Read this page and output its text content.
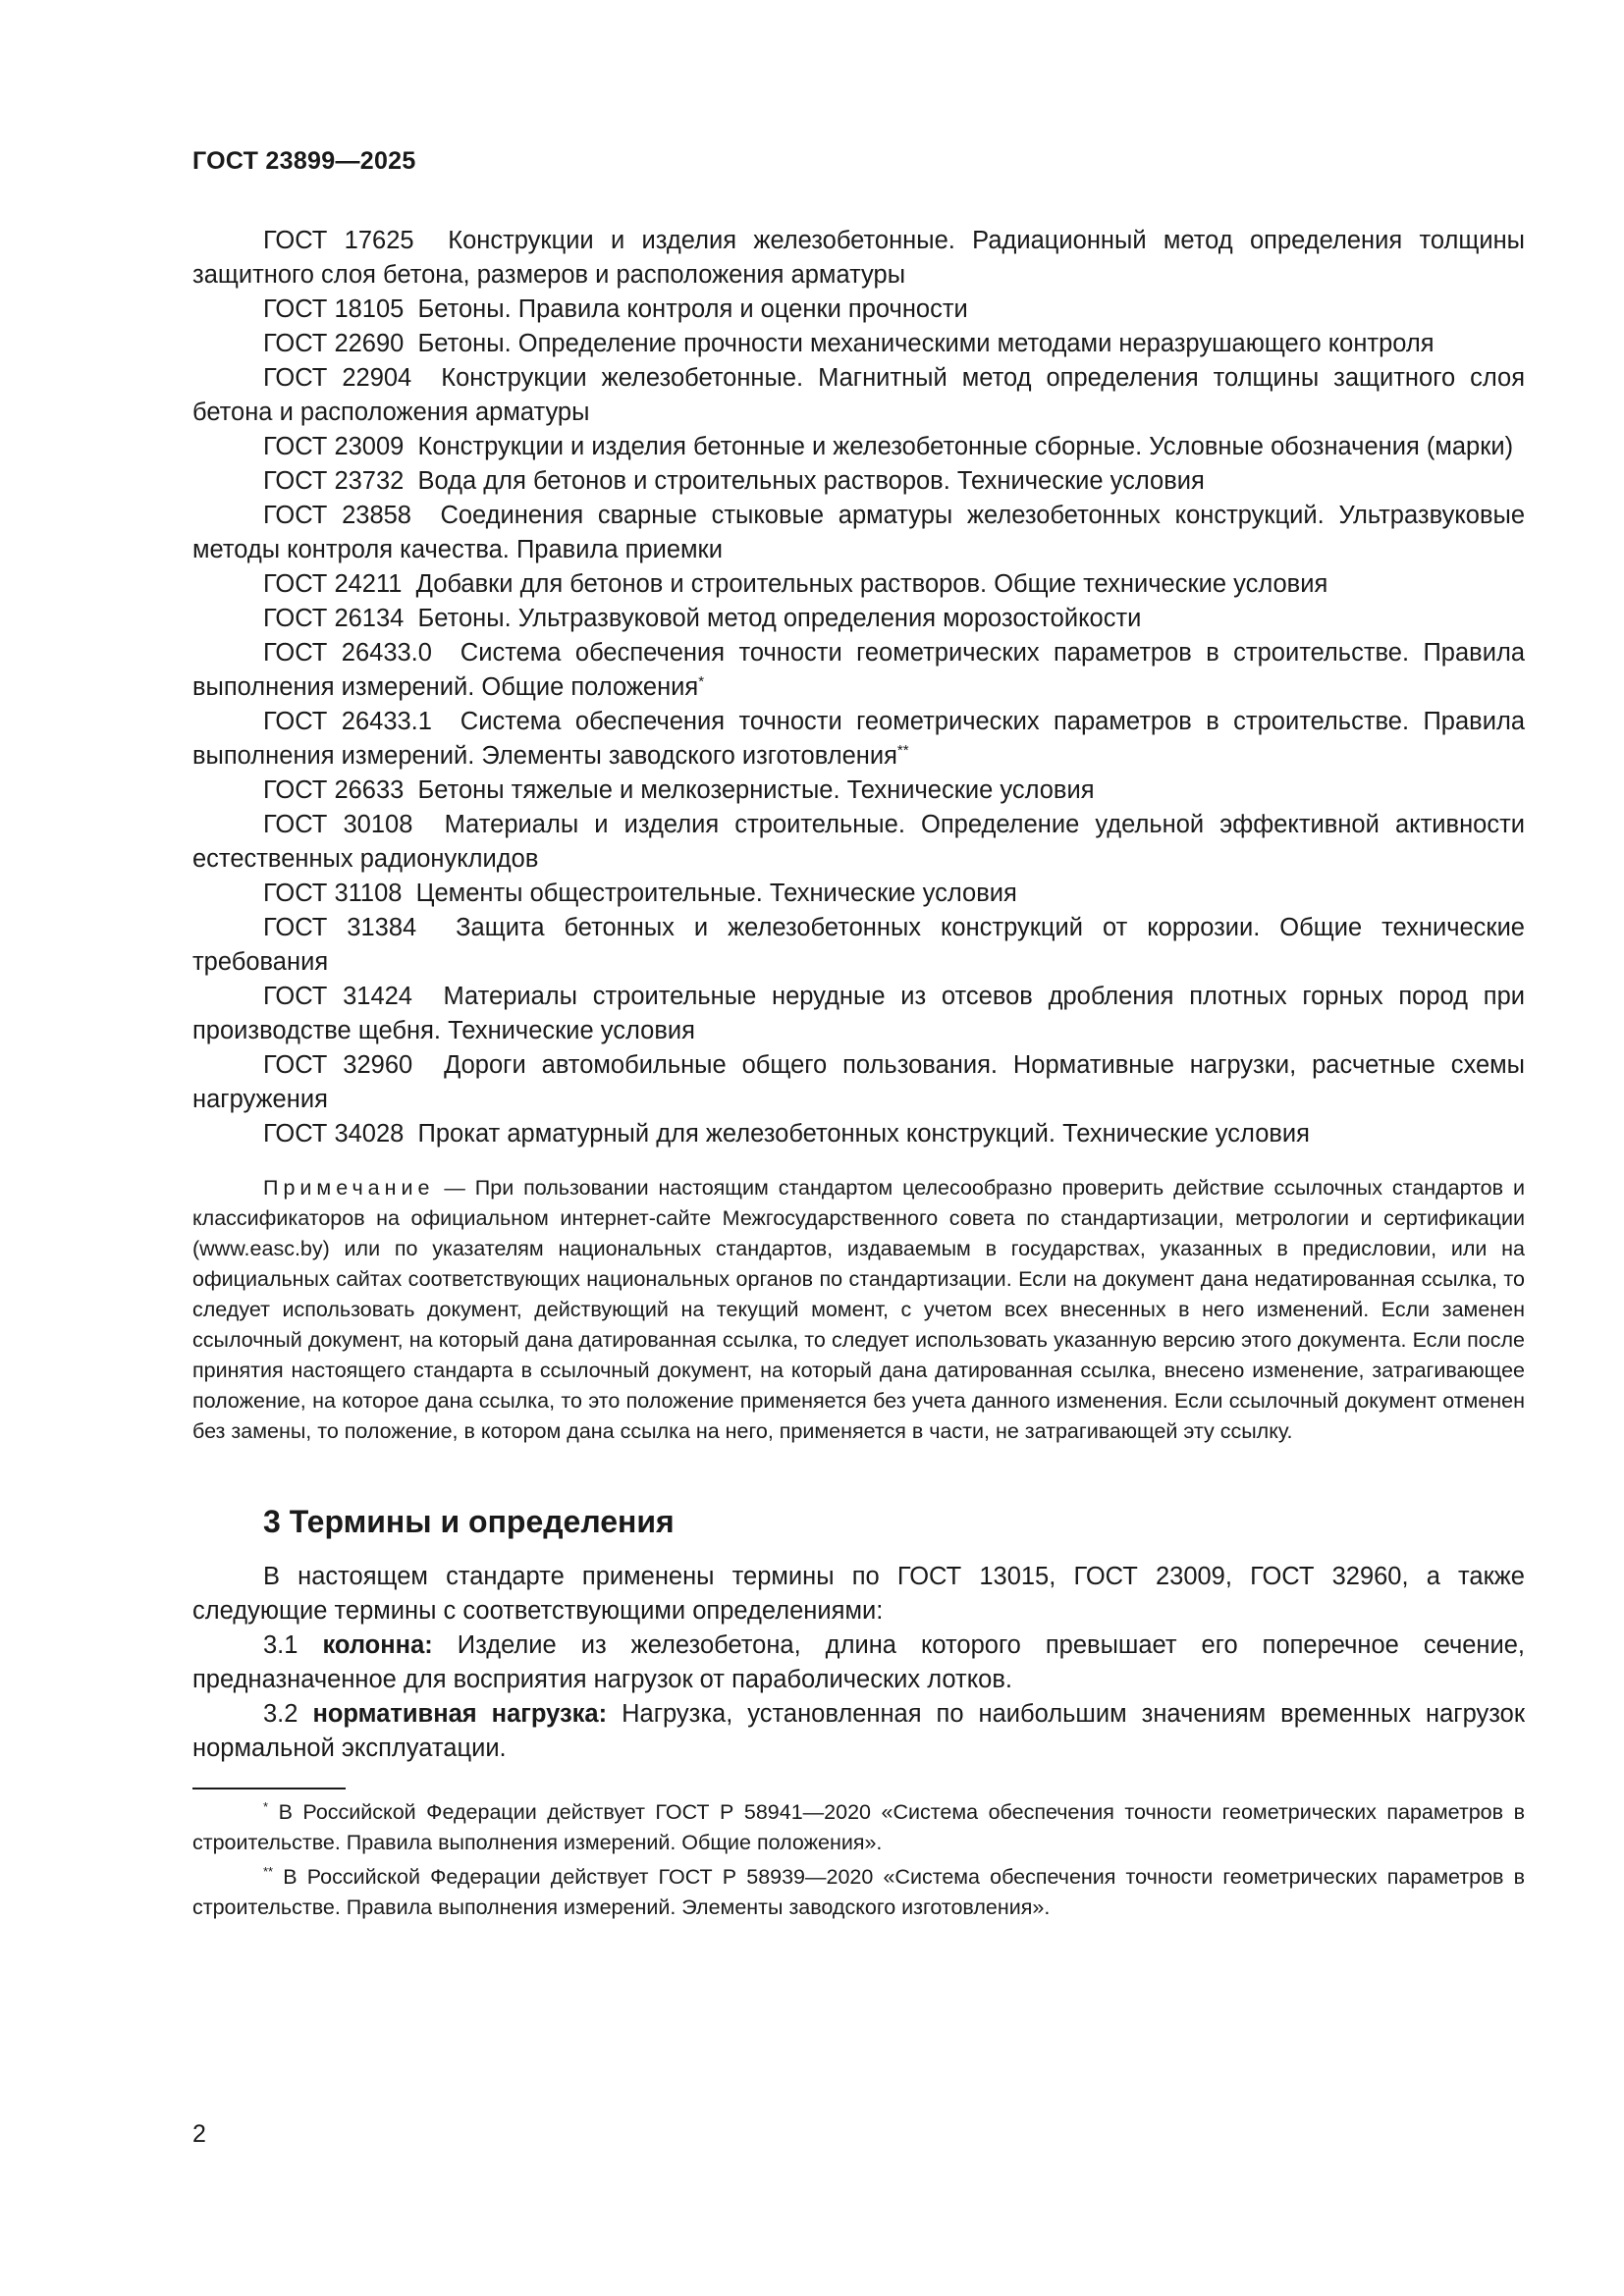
ГОСТ 23899—2025

ГОСТ 17625 Конструкции и изделия железобетонные. Радиационный метод определения толщины защитного слоя бетона, размеров и расположения арматуры

ГОСТ 18105 Бетоны. Правила контроля и оценки прочности

ГОСТ 22690 Бетоны. Определение прочности механическими методами неразрушающего контроля

ГОСТ 22904 Конструкции железобетонные. Магнитный метод определения толщины защитного слоя бетона и расположения арматуры

ГОСТ 23009 Конструкции и изделия бетонные и железобетонные сборные. Условные обозначения (марки)

ГОСТ 23732 Вода для бетонов и строительных растворов. Технические условия

ГОСТ 23858 Соединения сварные стыковые арматуры железобетонных конструкций. Ультразвуковые методы контроля качества. Правила приемки

ГОСТ 24211 Добавки для бетонов и строительных растворов. Общие технические условия

ГОСТ 26134 Бетоны. Ультразвуковой метод определения морозостойкости

ГОСТ 26433.0 Система обеспечения точности геометрических параметров в строительстве. Правила выполнения измерений. Общие положения*

ГОСТ 26433.1 Система обеспечения точности геометрических параметров в строительстве. Правила выполнения измерений. Элементы заводского изготовления**

ГОСТ 26633 Бетоны тяжелые и мелкозернистые. Технические условия

ГОСТ 30108 Материалы и изделия строительные. Определение удельной эффективной активности естественных радионуклидов

ГОСТ 31108 Цементы общестроительные. Технические условия

ГОСТ 31384 Защита бетонных и железобетонных конструкций от коррозии. Общие технические требования

ГОСТ 31424 Материалы строительные нерудные из отсевов дробления плотных горных пород при производстве щебня. Технические условия

ГОСТ 32960 Дороги автомобильные общего пользования. Нормативные нагрузки, расчетные схемы нагружения

ГОСТ 34028 Прокат арматурный для железобетонных конструкций. Технические условия

Примечание — При пользовании настоящим стандартом целесообразно проверить действие ссылочных стандартов и классификаторов на официальном интернет-сайте Межгосударственного совета по стандартизации, метрологии и сертификации (www.easc.by) или по указателям национальных стандартов, издаваемым в государствах, указанных в предисловии, или на официальных сайтах соответствующих национальных органов по стандартизации. Если на документ дана недатированная ссылка, то следует использовать документ, действующий на текущий момент, с учетом всех внесенных в него изменений. Если заменен ссылочный документ, на который дана датированная ссылка, то следует использовать указанную версию этого документа. Если после принятия настоящего стандарта в ссылочный документ, на который дана датированная ссылка, внесено изменение, затрагивающее положение, на которое дана ссылка, то это положение применяется без учета данного изменения. Если ссылочный документ отменен без замены, то положение, в котором дана ссылка на него, применяется в части, не затрагивающей эту ссылку.

3 Термины и определения

В настоящем стандарте применены термины по ГОСТ 13015, ГОСТ 23009, ГОСТ 32960, а также следующие термины с соответствующими определениями:

3.1 колонна: Изделие из железобетона, длина которого превышает его поперечное сечение, предназначенное для восприятия нагрузок от параболических лотков.

3.2 нормативная нагрузка: Нагрузка, установленная по наибольшим значениям временных нагрузок нормальной эксплуатации.

* В Российской Федерации действует ГОСТ Р 58941—2020 «Система обеспечения точности геометрических параметров в строительстве. Правила выполнения измерений. Общие положения».

** В Российской Федерации действует ГОСТ Р 58939—2020 «Система обеспечения точности геометрических параметров в строительстве. Правила выполнения измерений. Элементы заводского изготовления».

2
